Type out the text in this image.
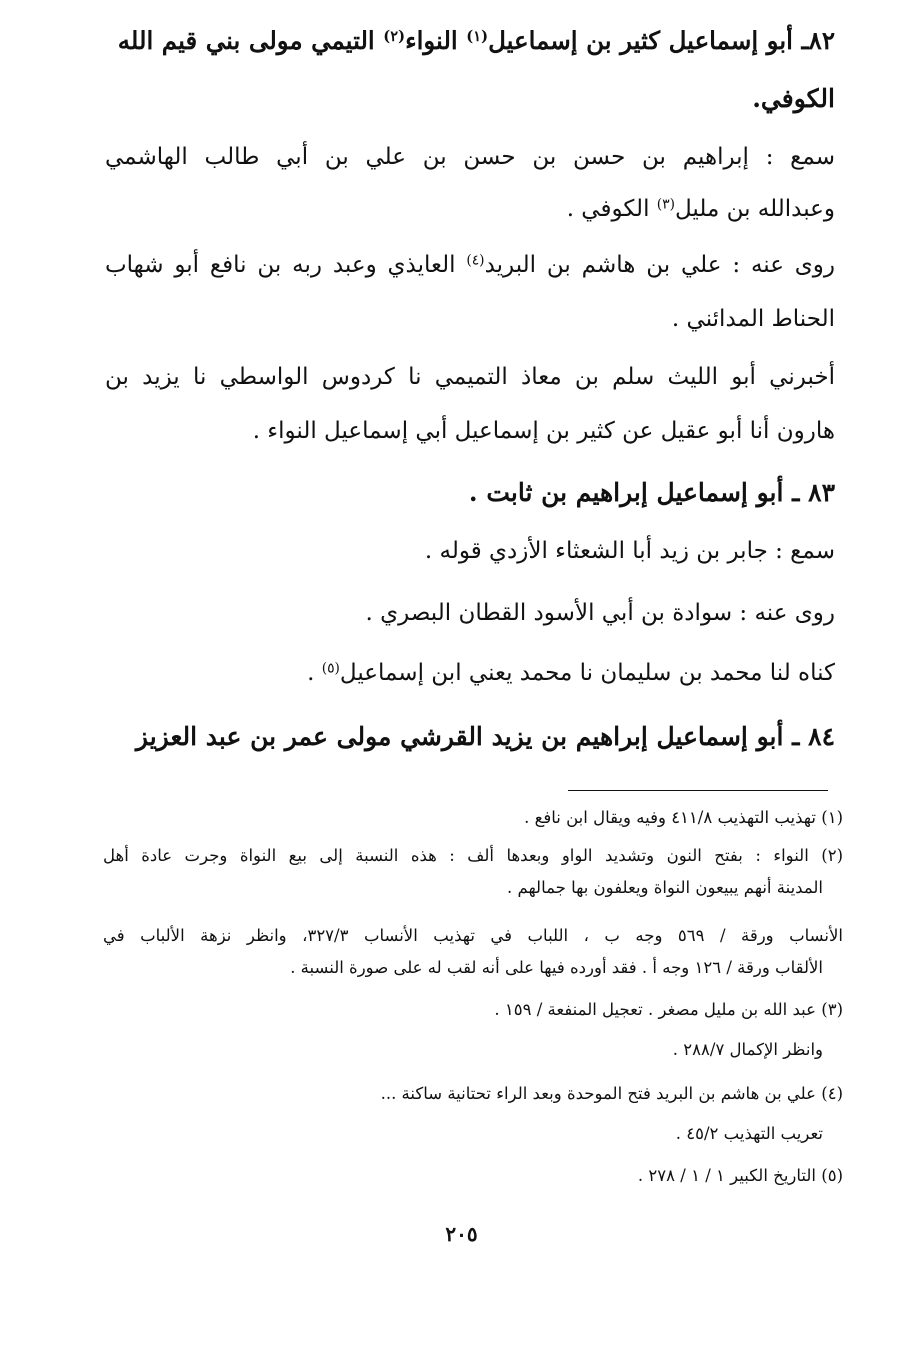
٨٢ـ أبو إسماعيل كثير بن إسماعيل$^{(١)}$ النواء$^{(٢)}$ التيمي مولى بني قيم الله
الكوفي.
سمع : إبراهيم بن حسن بن حسن بن علي بن أبي طالب الهاشمي
وعبدالله بن مليل$^{(٣)}$ الكوفي .
روى عنه : علي بن هاشم بن البريد$^{(٤)}$ العايذي وعبد ربه بن نافع أبو شهاب
الحناط المدائني .
أخبرني أبو الليث سلم بن معاذ التميمي نا كردوس الواسطي نا يزيد بن
هارون أنا أبو عقيل عن كثير بن إسماعيل أبي إسماعيل النواء .
٨٣ ـ أبو إسماعيل إبراهيم بن ثابت .
سمع : جابر بن زيد أبا الشعثاء الأزدي قوله .
روى عنه : سوادة بن أبي الأسود القطان البصري .
كناه لنا محمد بن سليمان نا محمد يعني ابن إسماعيل$^{(٥)}$ .
٨٤ ـ أبو إسماعيل إبراهيم بن يزيد القرشي مولى عمر بن عبد العزيز
(١) تهذيب التهذيب ٤١١/٨ وفيه ويقال ابن نافع .
(٢) النواء : بفتح النون وتشديد الواو وبعدها ألف : هذه النسبة إلى بيع النواة وجرت عادة أهل
المدينة أنهم يبيعون النواة ويعلفون بها جمالهم .
الأنساب ورقة / ٥٦٩ وجه ب ، اللباب في تهذيب الأنساب ٣٢٧/٣، وانظر نزهة الألباب في
الألقاب ورقة / ١٢٦ وجه أ . فقد أورده فيها على أنه لقب له على صورة النسبة .
(٣) عبد الله بن مليل مصغر . تعجيل المنفعة / ١٥٩ .
وانظر الإكمال ٢٨٨/٧ .
(٤) علي بن هاشم بن البريد فتح الموحدة وبعد الراء تحتانية ساكنة ...
تعريب التهذيب ٤٥/٢ .
(٥) التاريخ الكبير ١ / ١ / ٢٧٨ .
٢٠٥
